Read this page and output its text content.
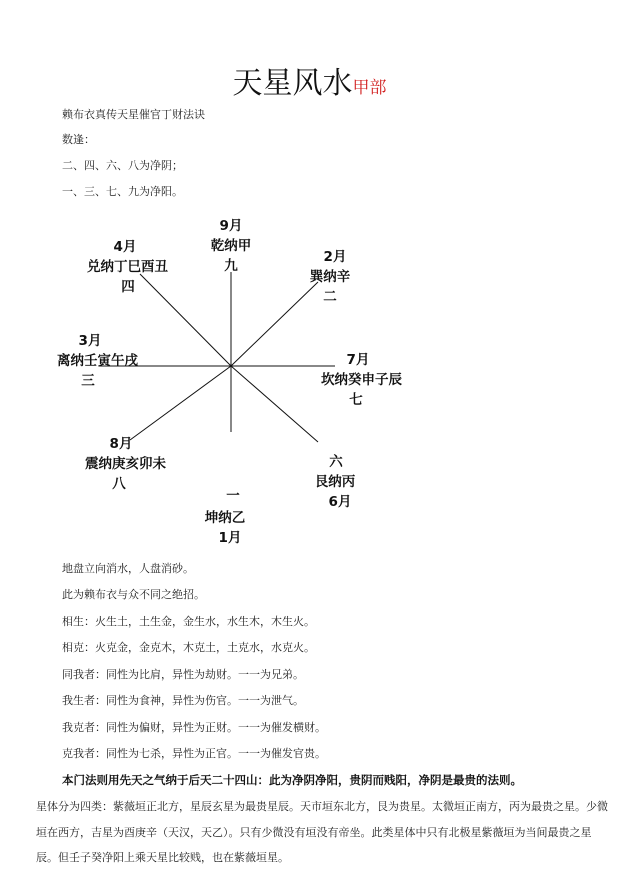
天星风水甲部
赖布衣真传天星催官丁财法诀
数逢：
二、四、六、八为净阴；
一、三、七、九为净阳。
9月
乾纳甲
九
2月
巽纳辛
二
4月
兑纳丁巳酉丑
四
3月
离纳壬寅午戌
三
7月
坎纳癸申子辰
七
8月
震纳庚亥卯未
八
六
艮纳丙
6月
一
坤纳乙
1月
地盘立向消水，人盘消砂。
此为赖布衣与众不同之绝招。
相生：火生土，土生金，金生水，水生木，木生火。
相克：火克金，金克木，木克土，土克水，水克火。
同我者：同性为比肩，异性为劫财。一一为兄弟。
我生者：同性为食神，异性为伤官。一一为泄气。
我克者：同性为偏财，异性为正财。一一为催发横财。
克我者：同性为七杀，异性为正官。一一为催发官贵。
本门法则用先天之气纳于后天二十四山：此为净阴净阳，贵阴而贱阳，净阴是最贵的法则。
星体分为四类：紫薇垣正北方，星辰玄星为最贵星辰。天市垣东北方，艮为贵星。太微垣正南方，丙为最贵之星。少微垣在西方，吉星为酉庚辛（天汉，天乙）。只有少微没有垣没有帝坐。此类星体中只有北极星紫薇垣为当间最贵之星辰。但壬子癸净阳上乘天星比较贱，也在紫薇垣星。
